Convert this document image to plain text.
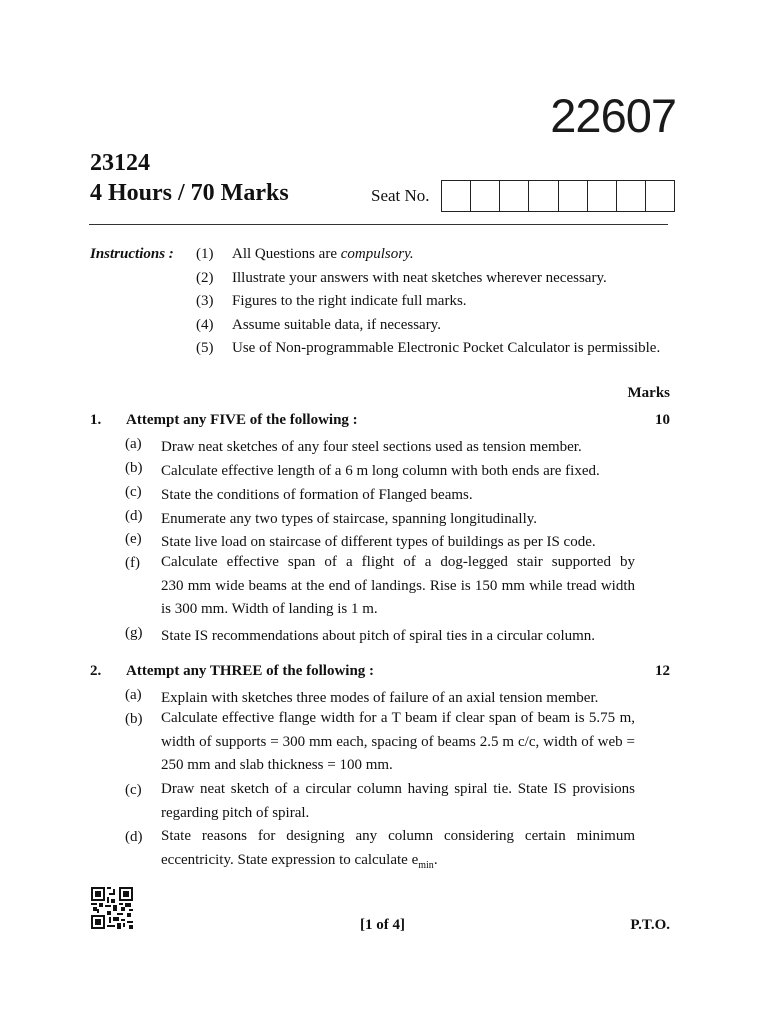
22607
23124
4 Hours / 70 Marks	Seat No.
Instructions : (1) All Questions are compulsory.
(2) Illustrate your answers with neat sketches wherever necessary.
(3) Figures to the right indicate full marks.
(4) Assume suitable data, if necessary.
(5) Use of Non-programmable Electronic Pocket Calculator is permissible.
Marks
1. Attempt any FIVE of the following :	10
(a) Draw neat sketches of any four steel sections used as tension member.
(b) Calculate effective length of a 6 m long column with both ends are fixed.
(c) State the conditions of formation of Flanged beams.
(d) Enumerate any two types of staircase, spanning longitudinally.
(e) State live load on staircase of different types of buildings as per IS code.
(f) Calculate effective span of a flight of a dog-legged stair supported by
230 mm wide beams at the end of landings. Rise is 150 mm while tread width
is 300 mm. Width of landing is 1 m.
(g) State IS recommendations about pitch of spiral ties in a circular column.
2. Attempt any THREE of the following :	12
(a) Explain with sketches three modes of failure of an axial tension member.
(b) Calculate effective flange width for a T beam if clear span of beam is 5.75 m,
width of supports = 300 mm each, spacing of beams 2.5 m c/c, width of web =
250 mm and slab thickness = 100 mm.
(c) Draw neat sketch of a circular column having spiral tie. State IS provisions
regarding pitch of spiral.
(d) State reasons for designing any column considering certain minimum
eccentricity. State expression to calculate $e_{min}$.
[1 of 4]	P.T.O.
